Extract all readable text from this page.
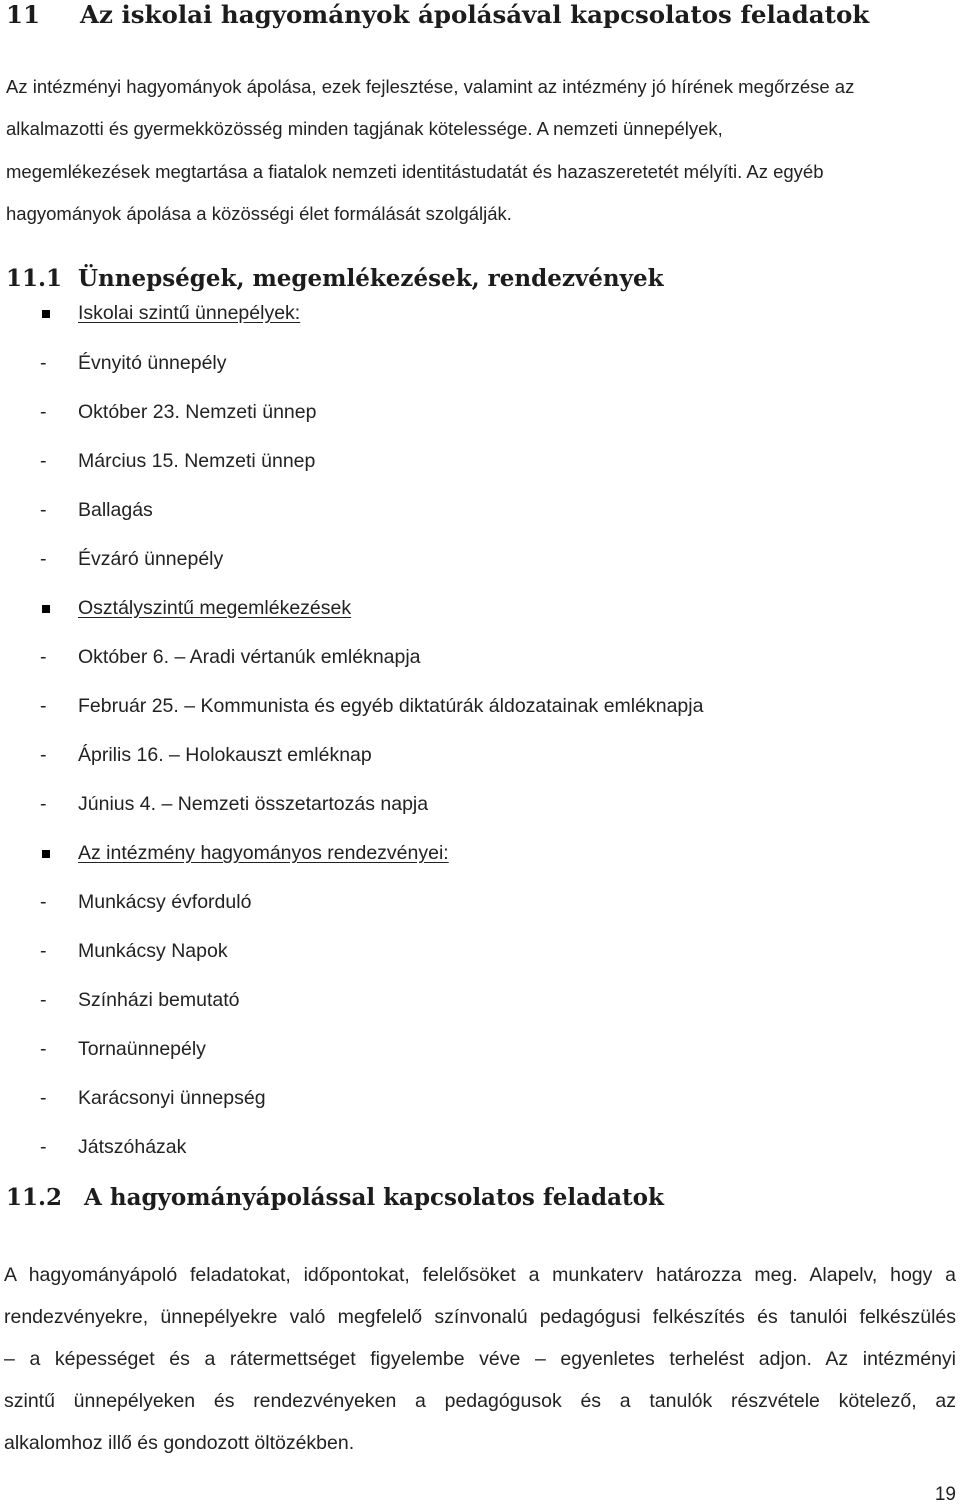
11 Az iskolai hagyományok ápolásával kapcsolatos feladatok
Az intézményi hagyományok ápolása, ezek fejlesztése, valamint az intézmény jó hírének megőrzése az
alkalmazotti és gyermekközösség minden tagjának kötelessége. A nemzeti ünnepélyek,
megemlékezések megtartása a fiatalok nemzeti identitástudatát és hazaszeretetét mélyíti. Az egyéb
hagyományok ápolása a közösségi élet formálását szolgálják.
11.1 Ünnepségek, megemlékezések, rendezvények
Iskolai szintű ünnepélyek:
- Évnyitó ünnepély
- Október 23. Nemzeti ünnep
- Március 15. Nemzeti ünnep
- Ballagás
- Évzáró ünnepély
Osztályszintű megemlékezések
- Október 6. – Aradi vértanúk emléknapja
- Február 25. – Kommunista és egyéb diktatúrák áldozatainak emléknapja
- Április 16. – Holokauszt emléknap
- Június 4. – Nemzeti összetartozás napja
Az intézmény hagyományos rendezvényei:
- Munkácsy évforduló
- Munkácsy Napok
- Színházi bemutató
- Tornaünnepély
- Karácsonyi ünnepség
- Játszóházak
11.2 A hagyományápolással kapcsolatos feladatok
A hagyományápoló feladatokat, időpontokat, felelősöket a munkaterv határozza meg. Alapelv, hogy a
rendezvényekre, ünnepélyekre való megfelelő színvonalú pedagógusi felkészítés és tanulói felkészülés
– a képességet és a rátermettséget figyelembe véve – egyenletes terhelést adjon. Az intézményi
szintű ünnepélyeken és rendezvényeken a pedagógusok és a tanulók részvétele kötelező, az
alkalomhoz illő és gondozott öltözékben.
19
